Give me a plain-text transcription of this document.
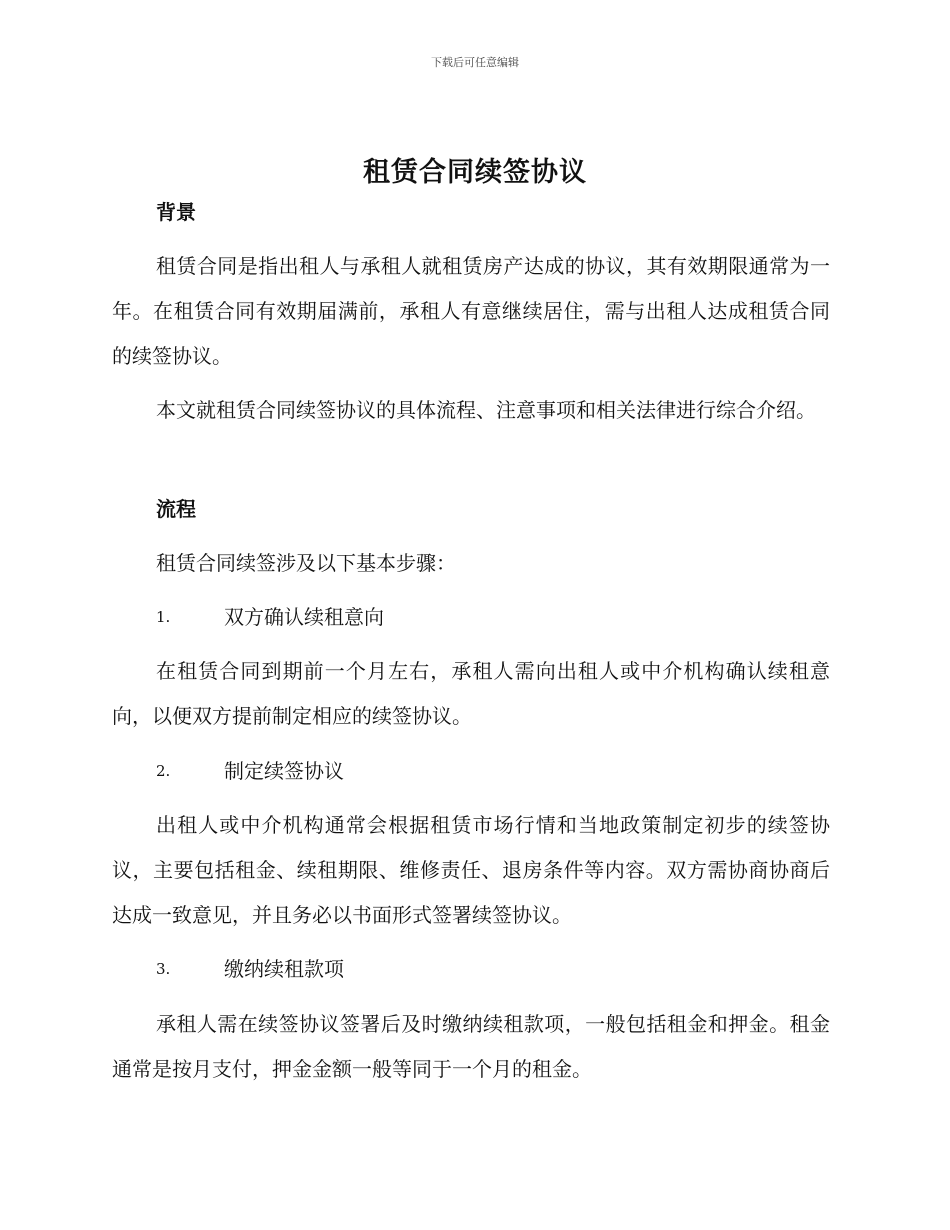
下载后可任意编辑
租赁合同续签协议
背景

租赁合同是指出租人与承租人就租赁房产达成的协议，其有效期限通常为一年。在租赁合同有效期届满前，承租人有意继续居住，需与出租人达成租赁合同的续签协议。

本文就租赁合同续签协议的具体流程、注意事项和相关法律进行综合介绍。

流程

租赁合同续签涉及以下基本步骤：

1.	双方确认续租意向

在租赁合同到期前一个月左右，承租人需向出租人或中介机构确认续租意向，以便双方提前制定相应的续签协议。

2.	制定续签协议

出租人或中介机构通常会根据租赁市场行情和当地政策制定初步的续签协议，主要包括租金、续租期限、维修责任、退房条件等内容。双方需协商协商后达成一致意见，并且务必以书面形式签署续签协议。

3.	缴纳续租款项

承租人需在续签协议签署后及时缴纳续租款项，一般包括租金和押金。租金通常是按月支付，押金金额一般等同于一个月的租金。
